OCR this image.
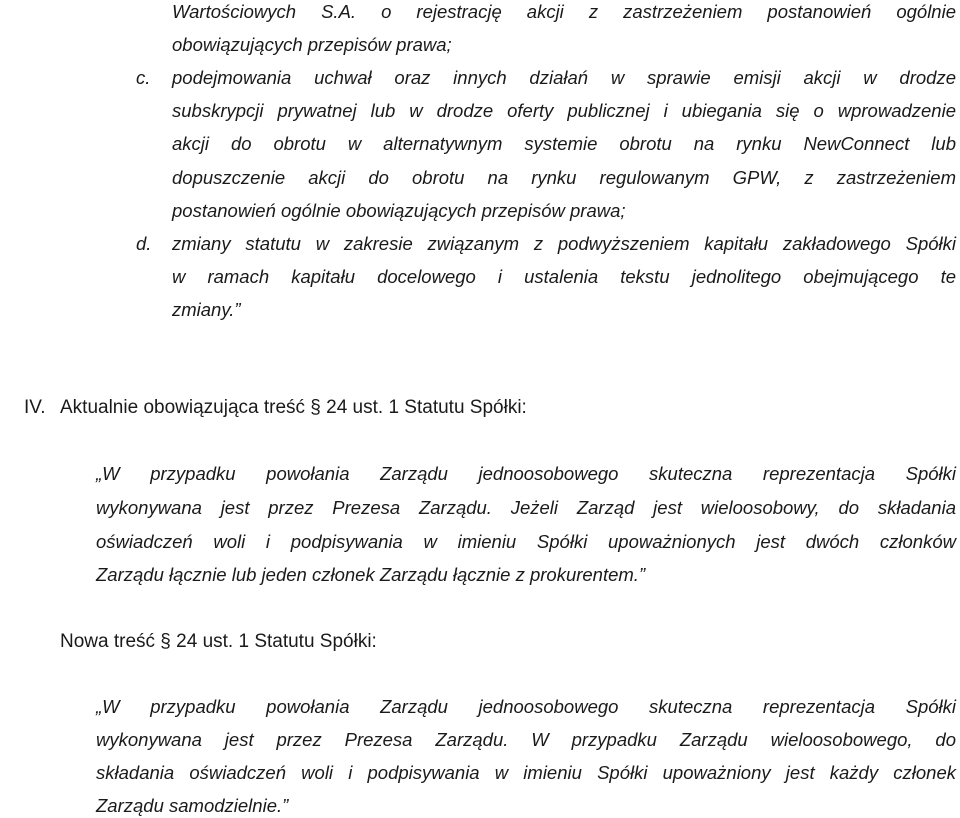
Wartościowych S.A. o rejestrację akcji z zastrzeżeniem postanowień ogólnie
obowiązujących przepisów prawa;
c. podejmowania uchwał oraz innych działań w sprawie emisji akcji w drodze
subskrypcji prywatnej lub w drodze oferty publicznej i ubiegania się o wprowadzenie
akcji do obrotu w alternatywnym systemie obrotu na rynku NewConnect lub
dopuszczenie akcji do obrotu na rynku regulowanym GPW, z zastrzeżeniem
postanowień ogólnie obowiązujących przepisów prawa;
d. zmiany statutu w zakresie związanym z podwyższeniem kapitału zakładowego Spółki
w ramach kapitału docelowego i ustalenia tekstu jednolitego obejmującego te
zmiany.”
IV. Aktualnie obowiązująca treść § 24 ust. 1 Statutu Spółki:
„W przypadku powołania Zarządu jednoosobowego skuteczna reprezentacja Spółki
wykonywana jest przez Prezesa Zarządu. Jeżeli Zarząd jest wieloosobowy, do składania
oświadczeń woli i podpisywania w imieniu Spółki upoważnionych jest dwóch członków
Zarządu łącznie lub jeden członek Zarządu łącznie z prokurentem.”
Nowa treść § 24 ust. 1 Statutu Spółki:
„W przypadku powołania Zarządu jednoosobowego skuteczna reprezentacja Spółki
wykonywana jest przez Prezesa Zarządu. W przypadku Zarządu wieloosobowego, do
składania oświadczeń woli i podpisywania w imieniu Spółki upoważniony jest każdy członek
Zarządu samodzielnie.”
